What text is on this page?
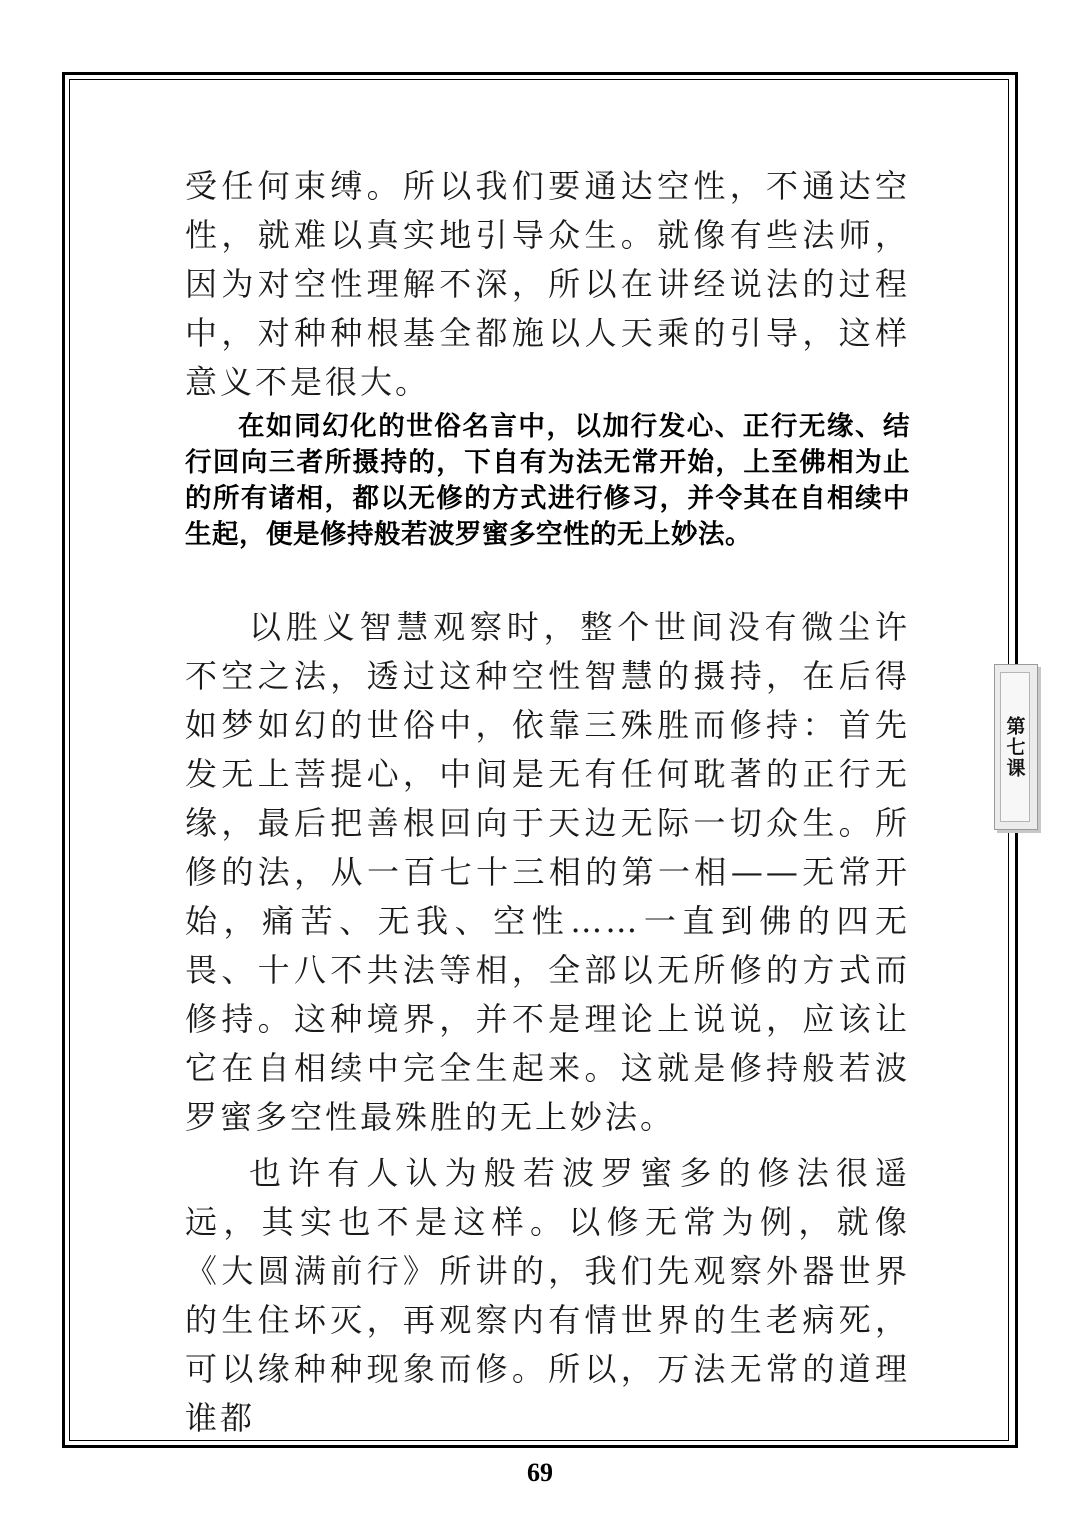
受任何束缚。所以我们要通达空性，不通达空性，就难以真实地引导众生。就像有些法师，因为对空性理解不深，所以在讲经说法的过程中，对种种根基全都施以人天乘的引导，这样意义不是很大。

在如同幻化的世俗名言中，以加行发心、正行无缘、结行回向三者所摄持的，下自有为法无常开始，上至佛相为止的所有诸相，都以无修的方式进行修习，并令其在自相续中生起，便是修持般若波罗蜜多空性的无上妙法。

以胜义智慧观察时，整个世间没有微尘许不空之法，透过这种空性智慧的摄持，在后得如梦如幻的世俗中，依靠三殊胜而修持：首先发无上菩提心，中间是无有任何耽著的正行无缘，最后把善根回向于天边无际一切众生。所修的法，从一百七十三相的第一相——无常开始，痛苦、无我、空性……一直到佛的四无畏、十八不共法等相，全部以无所修的方式而修持。这种境界，并不是理论上说说，应该让它在自相续中完全生起来。这就是修持般若波罗蜜多空性最殊胜的无上妙法。

也许有人认为般若波罗蜜多的修法很遥远，其实也不是这样。以修无常为例，就像《大圆满前行》所讲的，我们先观察外器世界的生住坏灭，再观察内有情世界的生老病死，可以缘种种现象而修。所以，万法无常的道理谁都

第七课
69
